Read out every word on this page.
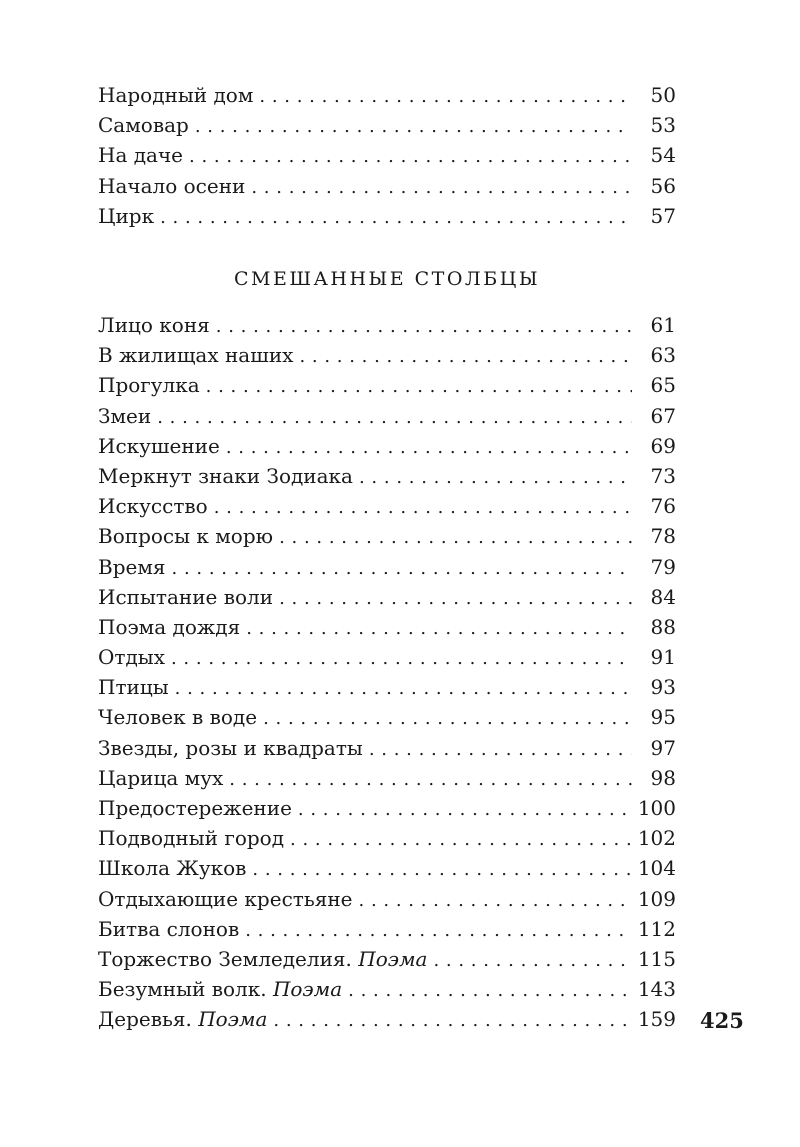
Народный дом . . .	50
Самовар . . .	53
На даче . . .	54
Начало осени . . .	56
Цирк . . .	57
СМЕШАННЫЕ СТОЛБЦЫ
Лицо коня . . .	61
В жилищах наших . . .	63
Прогулка . . .	65
Змеи . . .	67
Искушение . . .	69
Меркнут знаки Зодиака . . .	73
Искусство . . .	76
Вопросы к морю . . .	78
Время . . .	79
Испытание воли . . .	84
Поэма дождя . . .	88
Отдых . . .	91
Птицы . . .	93
Человек в воде . . .	95
Звезды, розы и квадраты . . .	97
Царица мух . . .	98
Предостережение . . .	100
Подводный город . . .	102
Школа Жуков . . .	104
Отдыхающие крестьяне . . .	109
Битва слонов . . .	112
Торжество Земледелия. Поэма . . .	115
Безумный волк. Поэма . . .	143
Деревья. Поэма . . .	159 425
